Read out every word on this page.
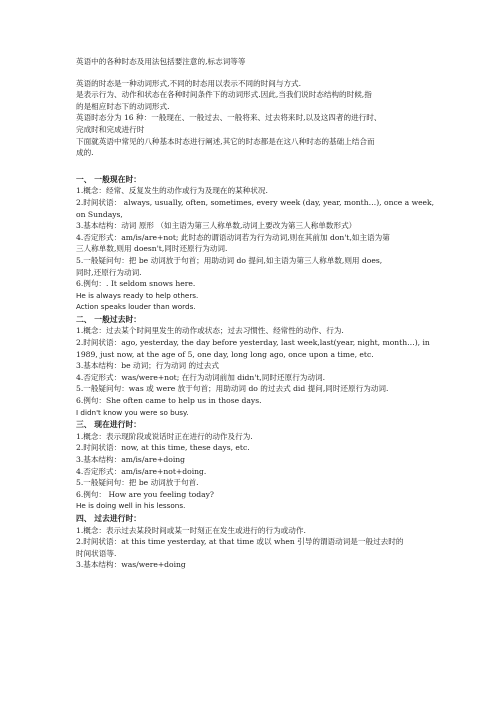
英语中的各种时态及用法包括要注意的,标志词等等
英语的时态是一种动词形式,不同的时态用以表示不同的时间与方式.
是表示行为、动作和状态在各种时间条件下的动词形式.因此,当我们说时态结构的时候,指
的是相应时态下的动词形式.
英语时态分为 16 种：一般现在、一般过去、一般将来、过去将来时,以及这四者的进行时、
完成时和完成进行时
下面就英语中常见的八种基本时态进行阐述,其它的时态都是在这八种时态的基础上结合而
成的.
一、 一般现在时：
1.概念：经常、反复发生的动作或行为及现在的某种状况.
2.时间状语： always, usually, often, sometimes, every week (day, year, month…), once a week,
on Sundays,
3.基本结构：动词 原形 （如主语为第三人称单数,动词上要改为第三人称单数形式）
4.否定形式：am/is/are+not; 此时态的谓语动词若为行为动词,则在其前加 don't,如主语为第
三人称单数,则用 doesn't,同时还原行为动词.
5.一般疑问句：把 be 动词放于句首；用助动词 do 提问,如主语为第三人称单数,则用 does,
同时,还原行为动词.
6.例句：. It seldom snows here.
He is always ready to help others.
Action speaks louder than words.
二、 一般过去时：
1.概念：过去某个时间里发生的动作或状态；过去习惯性、经常性的动作、行为.
2.时间状语：ago, yesterday, the day before yesterday, last week,last(year, night, month…), in
1989, just now, at the age of 5, one day, long long ago, once upon a time, etc.
3.基本结构：be 动词；行为动词 的过去式
4.否定形式：was/were+not; 在行为动词前加 didn't,同时还原行为动词.
5.一般疑问句：was 或 were 放于句首；用助动词 do 的过去式 did 提问,同时还原行为动词.
6.例句：She often came to help us in those days.
I didn't know you were so busy.
三、 现在进行时：
1.概念：表示现阶段或说话时正在进行的动作及行为.
2.时间状语：now, at this time, these days, etc.
3.基本结构：am/is/are+doing
4.否定形式：am/is/are+not+doing.
5.一般疑问句：把 be 动词放于句首.
6.例句： How are you feeling today?
He is doing well in his lessons.
四、 过去进行时：
1.概念：表示过去某段时间或某一时刻正在发生或进行的行为或动作.
2.时间状语：at this time yesterday, at that time 或以 when 引导的谓语动词是一般过去时的
时间状语等.
3.基本结构：was/were+doing
